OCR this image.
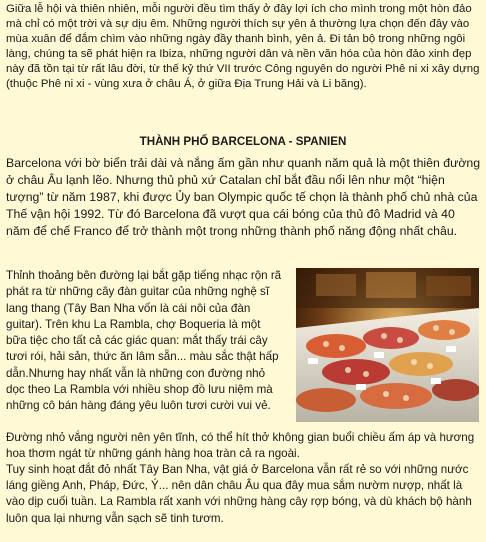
Giữa lễ hội và thiên nhiên, mỗi người đều tìm thấy ở đây lợi ích cho mình trong một hòn đảo mà chỉ có một trời và sự dịu êm. Những người thích sự yên ả thường lựa chọn đến đây vào mùa xuân để đắm chìm vào những ngày đầy thanh bình, yên ả. Đi tản bộ trong những ngôi làng, chúng ta sẽ phát hiện ra Ibiza, những người dân và nền văn hóa của hòn đảo xinh đẹp này đã tồn tại từ rất lâu đời, từ thế kỷ thứ VII trước Công nguyên do người Phê ni xi xây dựng (thuộc Phê ni xi - vùng xưa ở châu Á, ở giữa Địa Trung Hải và Li băng).

THÀNH PHỐ BARCELONA - SPANIEN

Barcelona với bờ biển trải dài và nắng ấm gần như quanh năm quả là một thiên đường ở châu Âu lạnh lẽo. Nhưng thủ phủ xứ Catalan chỉ bắt đầu nổi lên như một “hiện tượng” từ năm 1987, khi được Ủy ban Olympic quốc tế chọn là thành phố chủ nhà của Thế vận hội 1992. Từ đó Barcelona đã vượt qua cái bóng của thủ đô Madrid và 40 năm để chế Franco để trở thành một trong những thành phố năng động nhất châu.

Thỉnh thoảng bên đường lại bắt gặp tiếng nhạc rộn rã phát ra từ những cây đàn guitar của những nghệ sĩ lang thang (Tây Ban Nha vốn là cái nôi của đàn guitar). Trên khu La Rambla, chợ Boqueria là một bữa tiệc cho tất cả các giác quan: mắt thấy trái cây tươi rói, hải sản, thức ăn lâm sẵn... màu sắc thật hấp dẫn.Nhưng hay nhất vẫn là những con đường nhỏ dọc theo La Rambla với nhiều shop đồ lưu niệm mà những cô bán hàng đáng yêu luôn tươi cười vui vẻ.

Đường nhỏ vắng người nên yên tĩnh, có thể hít thở không gian buổi chiều ấm áp và hương hoa thơm ngát từ những gánh hàng hoa tràn cả ra ngoài.

Tuy sinh hoạt đắt đỏ nhất Tây Ban Nha, vật giá ở Barcelona vẫn rất rẻ so với những nước láng giềng Anh, Pháp, Đức, Ý... nên dân châu Âu qua đây mua sắm nườm nượp, nhất là vào dịp cuối tuần. La Rambla rất xanh với những hàng cây rợp bóng, và dù khách bộ hành luôn qua lại nhưng vẫn sạch sẽ tinh tươm.
